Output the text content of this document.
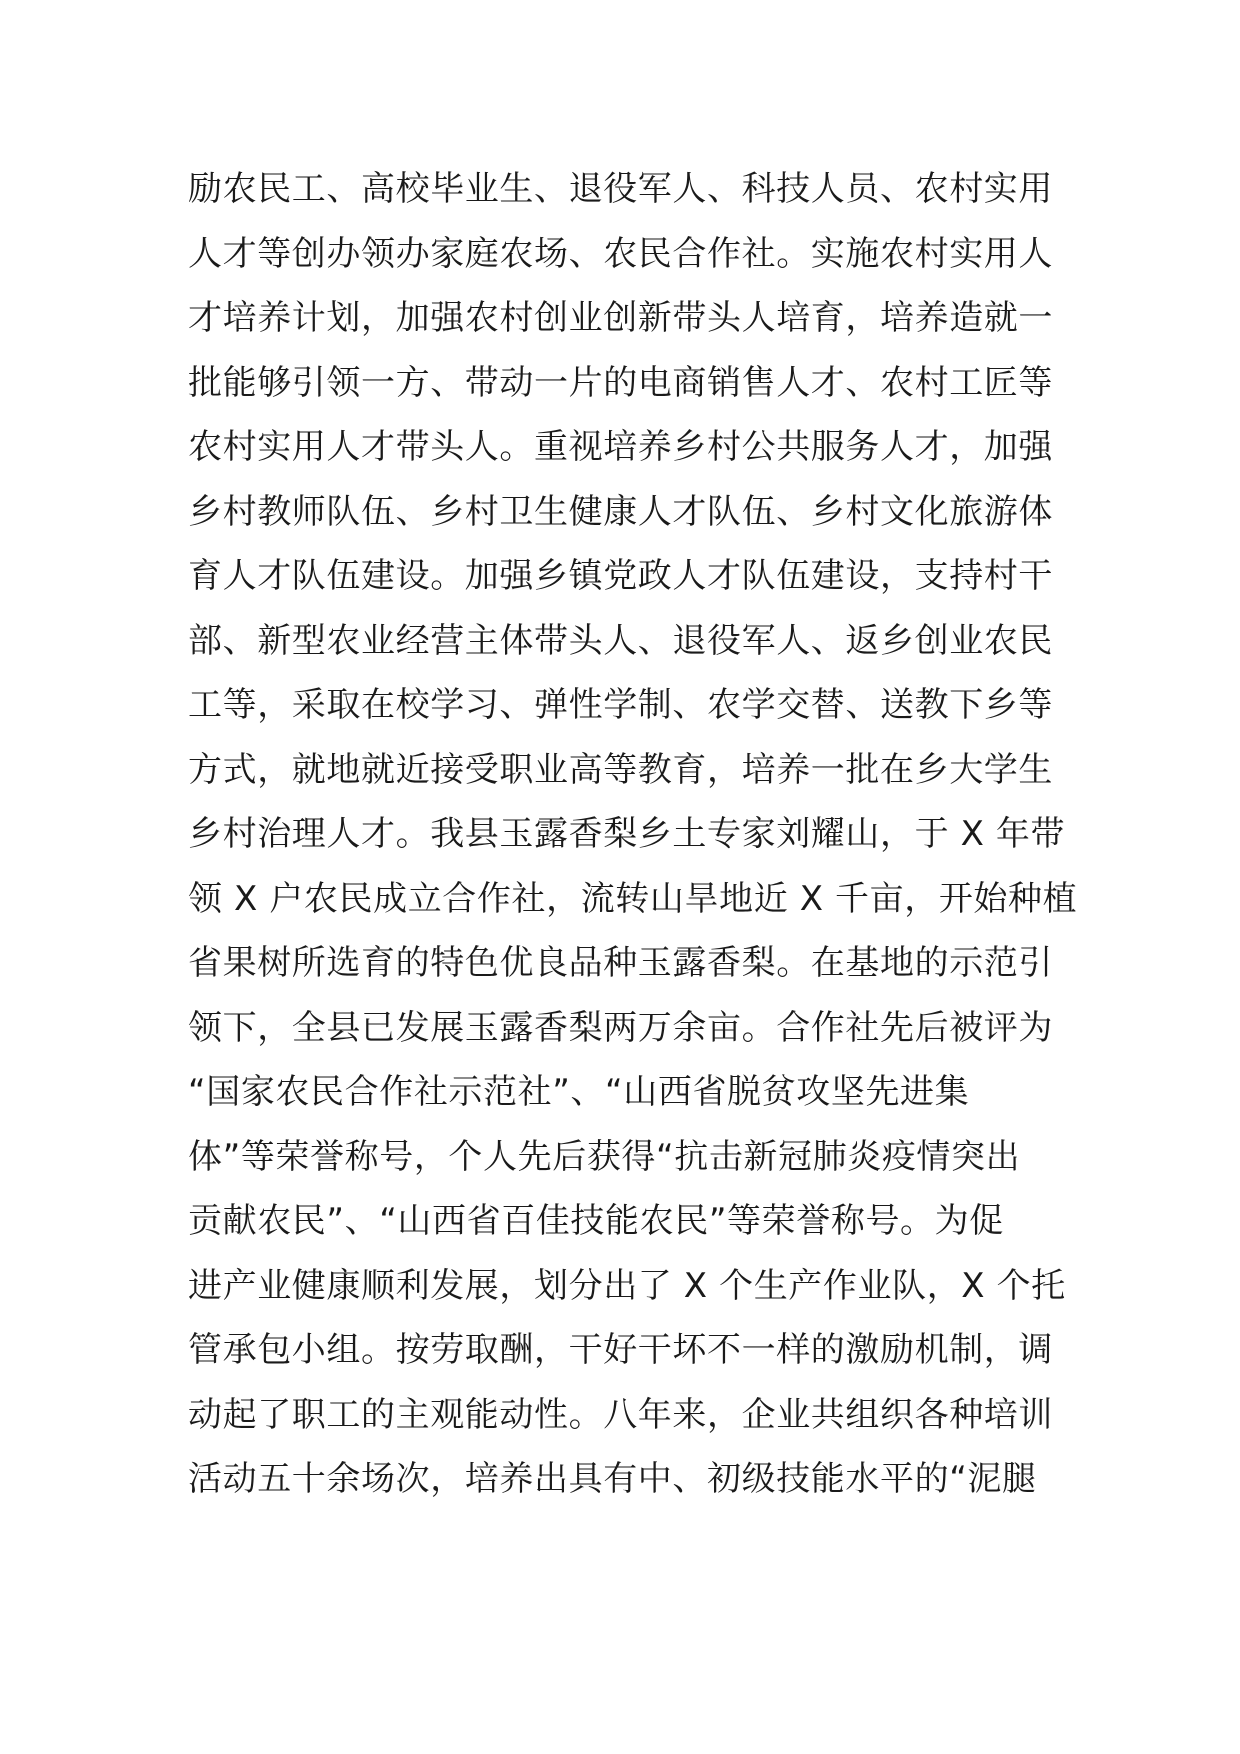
励农民工、高校毕业生、退役军人、科技人员、农村实用
人才等创办领办家庭农场、农民合作社。实施农村实用人
才培养计划，加强农村创业创新带头人培育，培养造就一
批能够引领一方、带动一片的电商销售人才、农村工匠等
农村实用人才带头人。重视培养乡村公共服务人才，加强
乡村教师队伍、乡村卫生健康人才队伍、乡村文化旅游体
育人才队伍建设。加强乡镇党政人才队伍建设，支持村干
部、新型农业经营主体带头人、退役军人、返乡创业农民
工等，采取在校学习、弹性学制、农学交替、送教下乡等
方式，就地就近接受职业高等教育，培养一批在乡大学生
乡村治理人才。我县玉露香梨乡土专家刘耀山，于 X 年带
领 X 户农民成立合作社，流转山旱地近 X 千亩，开始种植
省果树所选育的特色优良品种玉露香梨。在基地的示范引
领下，全县已发展玉露香梨两万余亩。合作社先后被评为
“国家农民合作社示范社”、“山西省脱贫攻坚先进集
体”等荣誉称号，个人先后获得“抗击新冠肺炎疫情突出
贡献农民”、“山西省百佳技能农民”等荣誉称号。为促
进产业健康顺利发展，划分出了 X 个生产作业队，X 个托
管承包小组。按劳取酬，干好干坏不一样的激励机制，调
动起了职工的主观能动性。八年来，企业共组织各种培训
活动五十余场次，培养出具有中、初级技能水平的“泥腿
